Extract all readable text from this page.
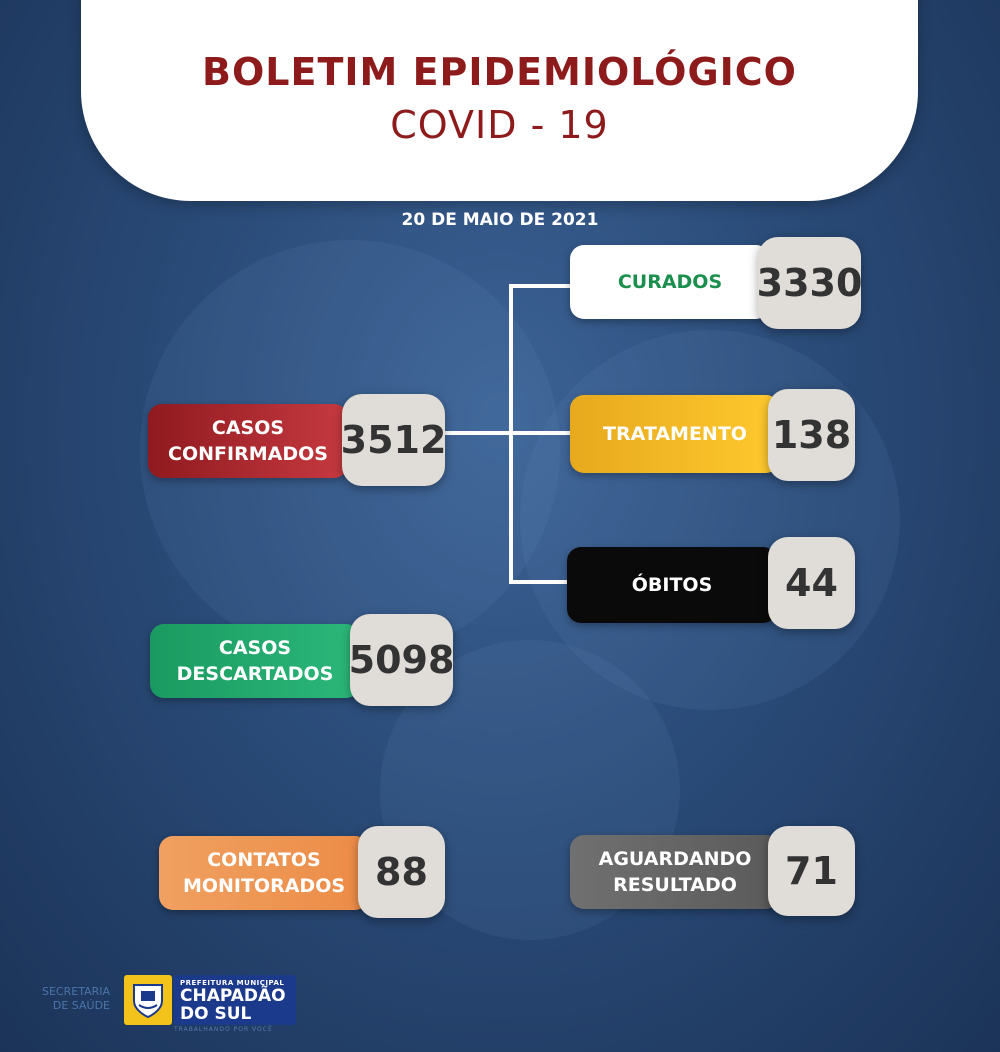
BOLETIM EPIDEMIOLÓGICO
COVID - 19
20 DE MAIO DE 2021
CASOS
CONFIRMADOS 3512
CURADOS 3330
TRATAMENTO 138
ÓBITOS	44
CASOS
DESCARTADOS 5098
CONTATOS
MONITORADOS 88	AGUARDANDO
RESULTADO	71
SECRETARIA
DE SAÚDE
PREFEITURA MUNICIPAL
CHAPADÃO
DO SUL
TRABALHANDO POR VOCÊ
